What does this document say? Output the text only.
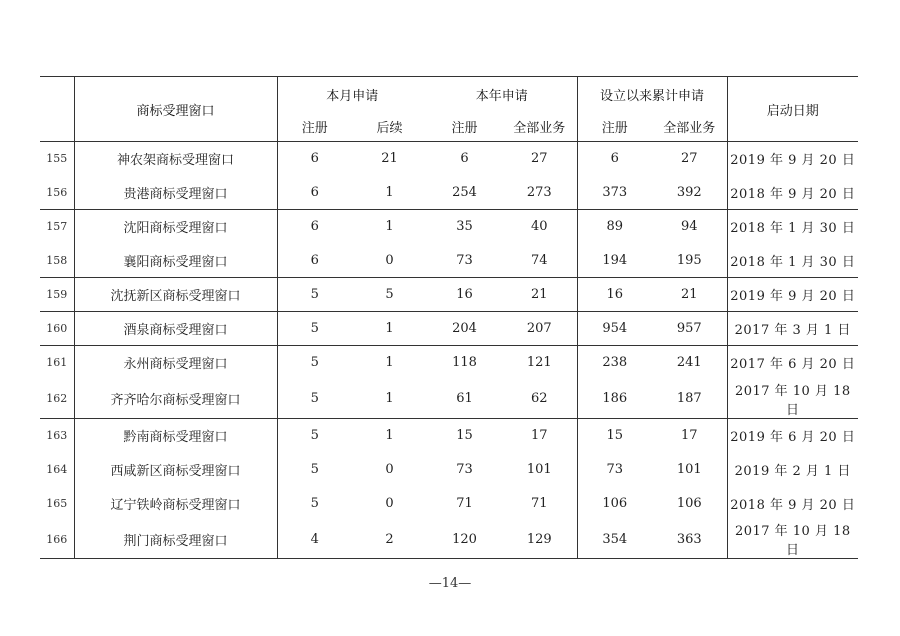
	商标受理窗口	本月申请		本年申请		设立以来累计申请		启动日期
		注册	后续	注册	全部业务	注册	全部业务	
155	神农架商标受理窗口	6	21	6	27	6	27	2019 年 9 月 20 日
156	贵港商标受理窗口	6	1	254	273	373	392	2018 年 9 月 20 日
157	沈阳商标受理窗口	6	1	35	40	89	94	2018 年 1 月 30 日
158	襄阳商标受理窗口	6	0	73	74	194	195	2018 年 1 月 30 日
159	沈抚新区商标受理窗口	5	5	16	21	16	21	2019 年 9 月 20 日
160	酒泉商标受理窗口	5	1	204	207	954	957	2017 年 3 月 1 日
161	永州商标受理窗口	5	1	118	121	238	241	2017 年 6 月 20 日
162	齐齐哈尔商标受理窗口	5	1	61	62	186	187	2017 年 10 月 18 日
163	黔南商标受理窗口	5	1	15	17	15	17	2019 年 6 月 20 日
164	西咸新区商标受理窗口	5	0	73	101	73	101	2019 年 2 月 1 日
165	辽宁铁岭商标受理窗口	5	0	71	71	106	106	2018 年 9 月 20 日
166	荆门商标受理窗口	4	2	120	129	354	363	2017 年 10 月 18 日
—14—
